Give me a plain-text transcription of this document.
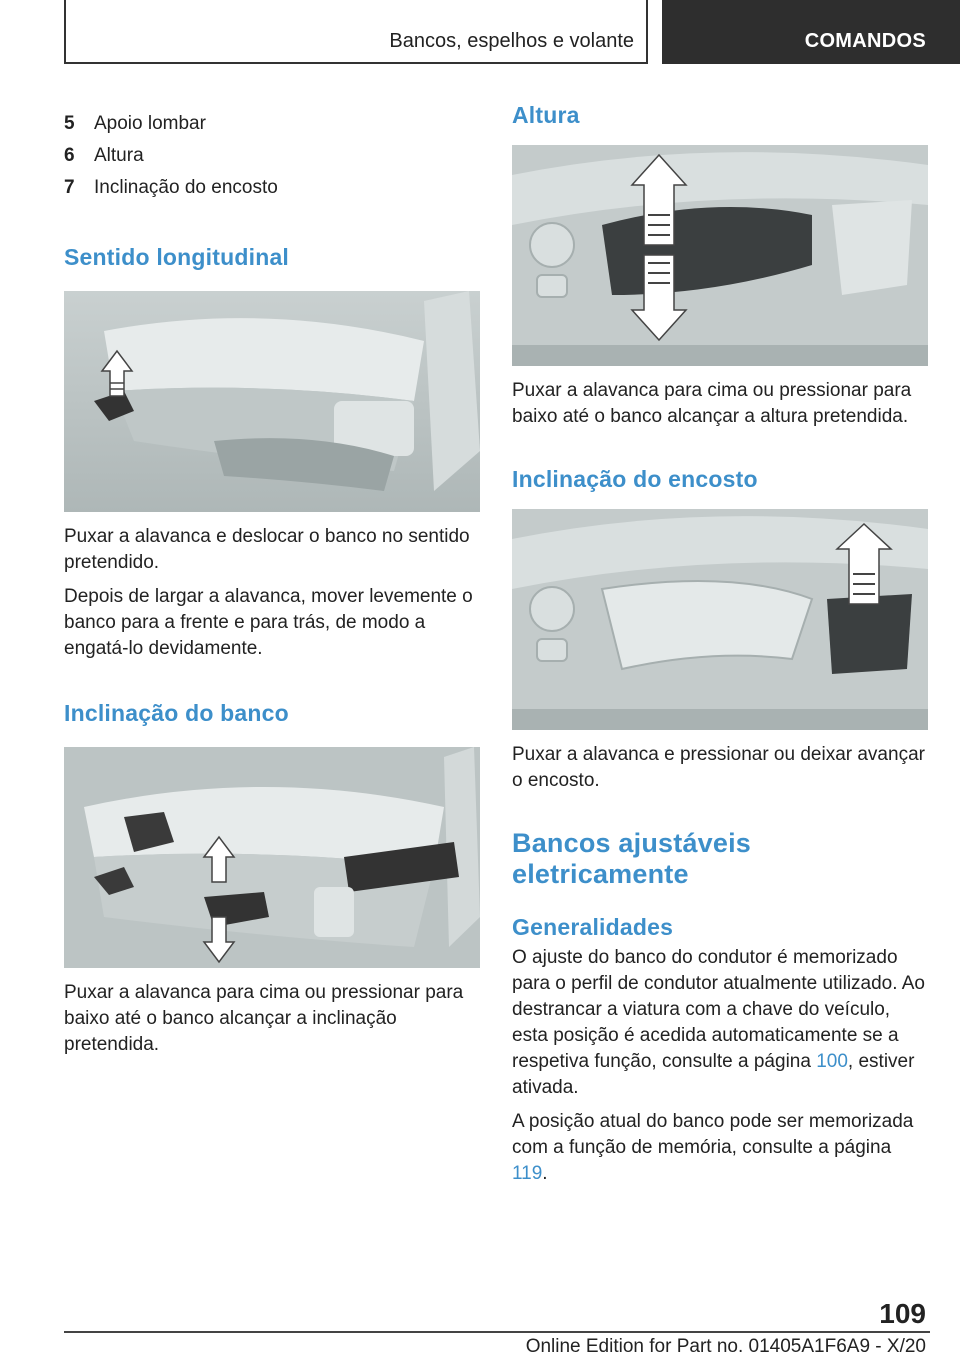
Bancos, espelhos e volante	COMANDOS
5	Apoio lombar
6	Altura
7	Inclinação do encosto
Sentido longitudinal

Puxar a alavanca e deslocar o banco no sentido pretendido.

Depois de largar a alavanca, mover levemente o banco para a frente e para trás, de modo a engatá-lo devidamente.

Inclinação do banco

Puxar a alavanca para cima ou pressionar para baixo até o banco alcançar a inclinação pretendida.

Altura

Puxar a alavanca para cima ou pressionar para baixo até o banco alcançar a altura pretendida.

Inclinação do encosto

Puxar a alavanca e pressionar ou deixar avançar o encosto.

Bancos ajustáveis eletricamente
Generalidades

O ajuste do banco do condutor é memorizado para o perfil de condutor atualmente utilizado. Ao destrancar a viatura com a chave do veículo, esta posição é acedida automaticamente se a respetiva função, consulte a página 100, estiver ativada.

A posição atual do banco pode ser memorizada com a função de memória, consulte a página 119.

109
Online Edition for Part no. 01405A1F6A9 - X/20
